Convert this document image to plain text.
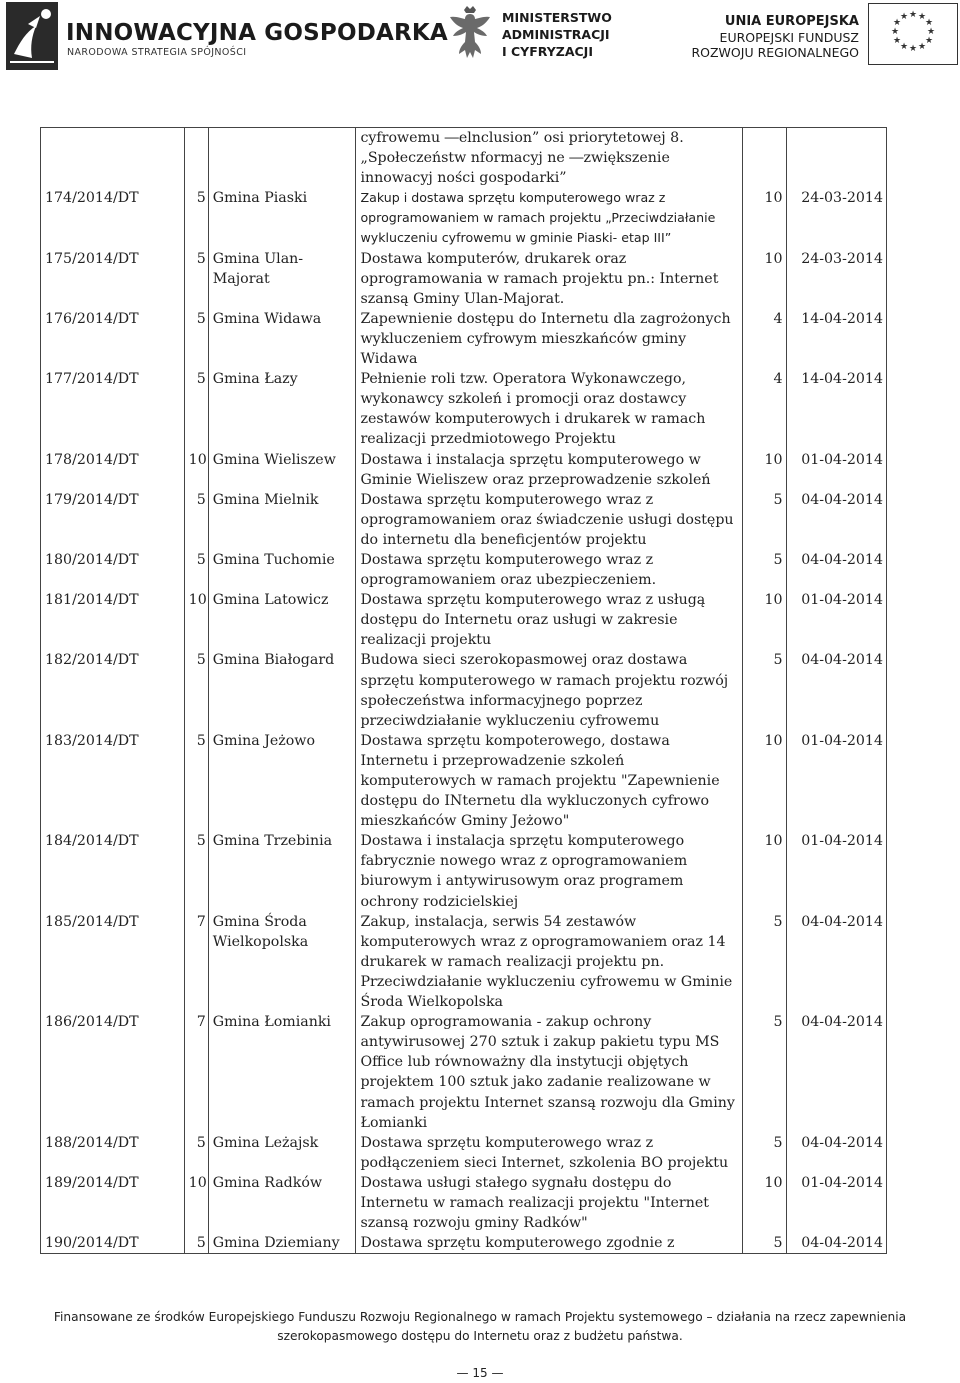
INNOWACYJNA GOSPODARKA
NARODOWA STRATEGIA SPÓJNOŚCI
MINISTERSTWO
ADMINISTRACJI
I CYFRYZACJI
UNIA EUROPEJSKA
EUROPEJSKI FUNDUSZ
ROZWOJU REGIONALNEGO
★ ★
★
★
★
★
★
★
★
★
★
★
			cyfrowemu ―elnclusion” osi priorytetowej 8.
„Społeczeństw nformacyj ne ―zwiększenie innowacyj ności gospodarki”		
174/2014/DT	5	Gmina Piaski	Zakup i dostawa sprzętu komputerowego wraz z oprogramowaniem w ramach projektu „Przeciwdziałanie wykluczeniu cyfrowemu w gminie Piaski- etap III”	10	24-03-2014
175/2014/DT	5	Gmina Ulan-Majorat	Dostawa komputerów, drukarek oraz oprogramowania w ramach projektu pn.: Internet szansą Gminy Ulan-Majorat.	10	24-03-2014
176/2014/DT	5	Gmina Widawa	Zapewnienie dostępu do Internetu dla zagrożonych wykluczeniem cyfrowym mieszkańców gminy Widawa	4	14-04-2014
177/2014/DT	5	Gmina Łazy	Pełnienie roli tzw. Operatora Wykonawczego, wykonawcy szkoleń i promocji oraz dostawcy zestawów komputerowych i drukarek w ramach realizacji przedmiotowego Projektu	4	14-04-2014
178/2014/DT	10	Gmina Wieliszew	Dostawa i instalacja sprzętu komputerowego w Gminie Wieliszew oraz przeprowadzenie szkoleń	10	01-04-2014
179/2014/DT	5	Gmina Mielnik	Dostawa sprzętu komputerowego wraz z oprogramowaniem oraz świadczenie usługi dostępu do internetu dla beneficjentów projektu	5	04-04-2014
180/2014/DT	5	Gmina Tuchomie	Dostawa sprzętu komputerowego wraz z oprogramowaniem oraz ubezpieczeniem.	5	04-04-2014
181/2014/DT	10	Gmina Latowicz	Dostawa sprzętu komputerowego wraz z usługą dostępu do Internetu oraz usługi w zakresie realizacji projektu	10	01-04-2014
182/2014/DT	5	Gmina Białogard	Budowa sieci szerokopasmowej oraz dostawa sprzętu komputerowego w ramach projektu rozwój społeczeństwa informacyjnego poprzez przeciwdziałanie wykluczeniu cyfrowemu	5	04-04-2014
183/2014/DT	5	Gmina Jeżowo	Dostawa sprzętu kompoterowego, dostawa Internetu i przeprowadzenie szkoleń komputerowych w ramach projektu "Zapewnienie dostępu do INternetu dla wykluczonych cyfrowo mieszkańców Gminy Jeżowo"	10	01-04-2014
184/2014/DT	5	Gmina Trzebinia	Dostawa i instalacja sprzętu komputerowego fabrycznie nowego wraz z oprogramowaniem biurowym i antywirusowym oraz programem ochrony rodzicielskiej	10	01-04-2014
185/2014/DT	7	Gmina Środa Wielkopolska	Zakup, instalacja, serwis 54 zestawów komputerowych wraz z oprogramowaniem oraz 14 drukarek w ramach realizacji projektu pn. Przeciwdziałanie wykluczeniu cyfrowemu w Gminie Środa Wielkopolska	5	04-04-2014
186/2014/DT	7	Gmina Łomianki	Zakup oprogramowania - zakup ochrony antywirusowej 270 sztuk i zakup pakietu typu MS Office lub równoważny dla instytucji objętych projektem 100 sztuk jako zadanie realizowane w ramach projektu Internet szansą rozwoju dla Gminy Łomianki	5	04-04-2014
188/2014/DT	5	Gmina Leżajsk	Dostawa sprzętu komputerowego wraz z podłączeniem sieci Internet, szkolenia BO projektu	5	04-04-2014
189/2014/DT	10	Gmina Radków	Dostawa usługi stałego sygnału dostępu do Internetu w ramach realizacji projektu "Internet szansą rozwoju gminy Radków"	10	01-04-2014
190/2014/DT	5	Gmina Dziemiany	Dostawa sprzętu komputerowego zgodnie z	5	04-04-2014
Finansowane ze środków Europejskiego Funduszu Rozwoju Regionalnego w ramach Projektu systemowego – działania na rzecz zapewnienia
szerokopasmowego dostępu do Internetu oraz z budżetu państwa.
— 15 —
